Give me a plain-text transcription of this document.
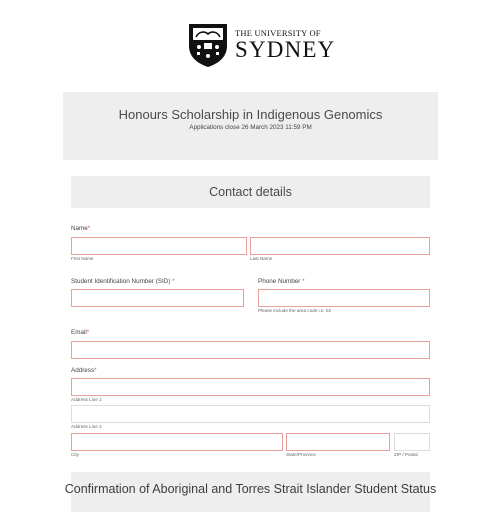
THE UNIVERSITY OF
SYDNEY
Honours Scholarship in Indigenous Genomics
Applications close 26 March 2023 11:59 PM
Contact details
Name*
First Name	Last Name
Student Identification Number (SID) *	Phone Number *
Please include the area code i.e. 02
Email*
Address*
Address Line 1
Address Line 2
City	State/Province	ZIP / Postal
Confirmation of Aboriginal and Torres Strait Islander Student Status
